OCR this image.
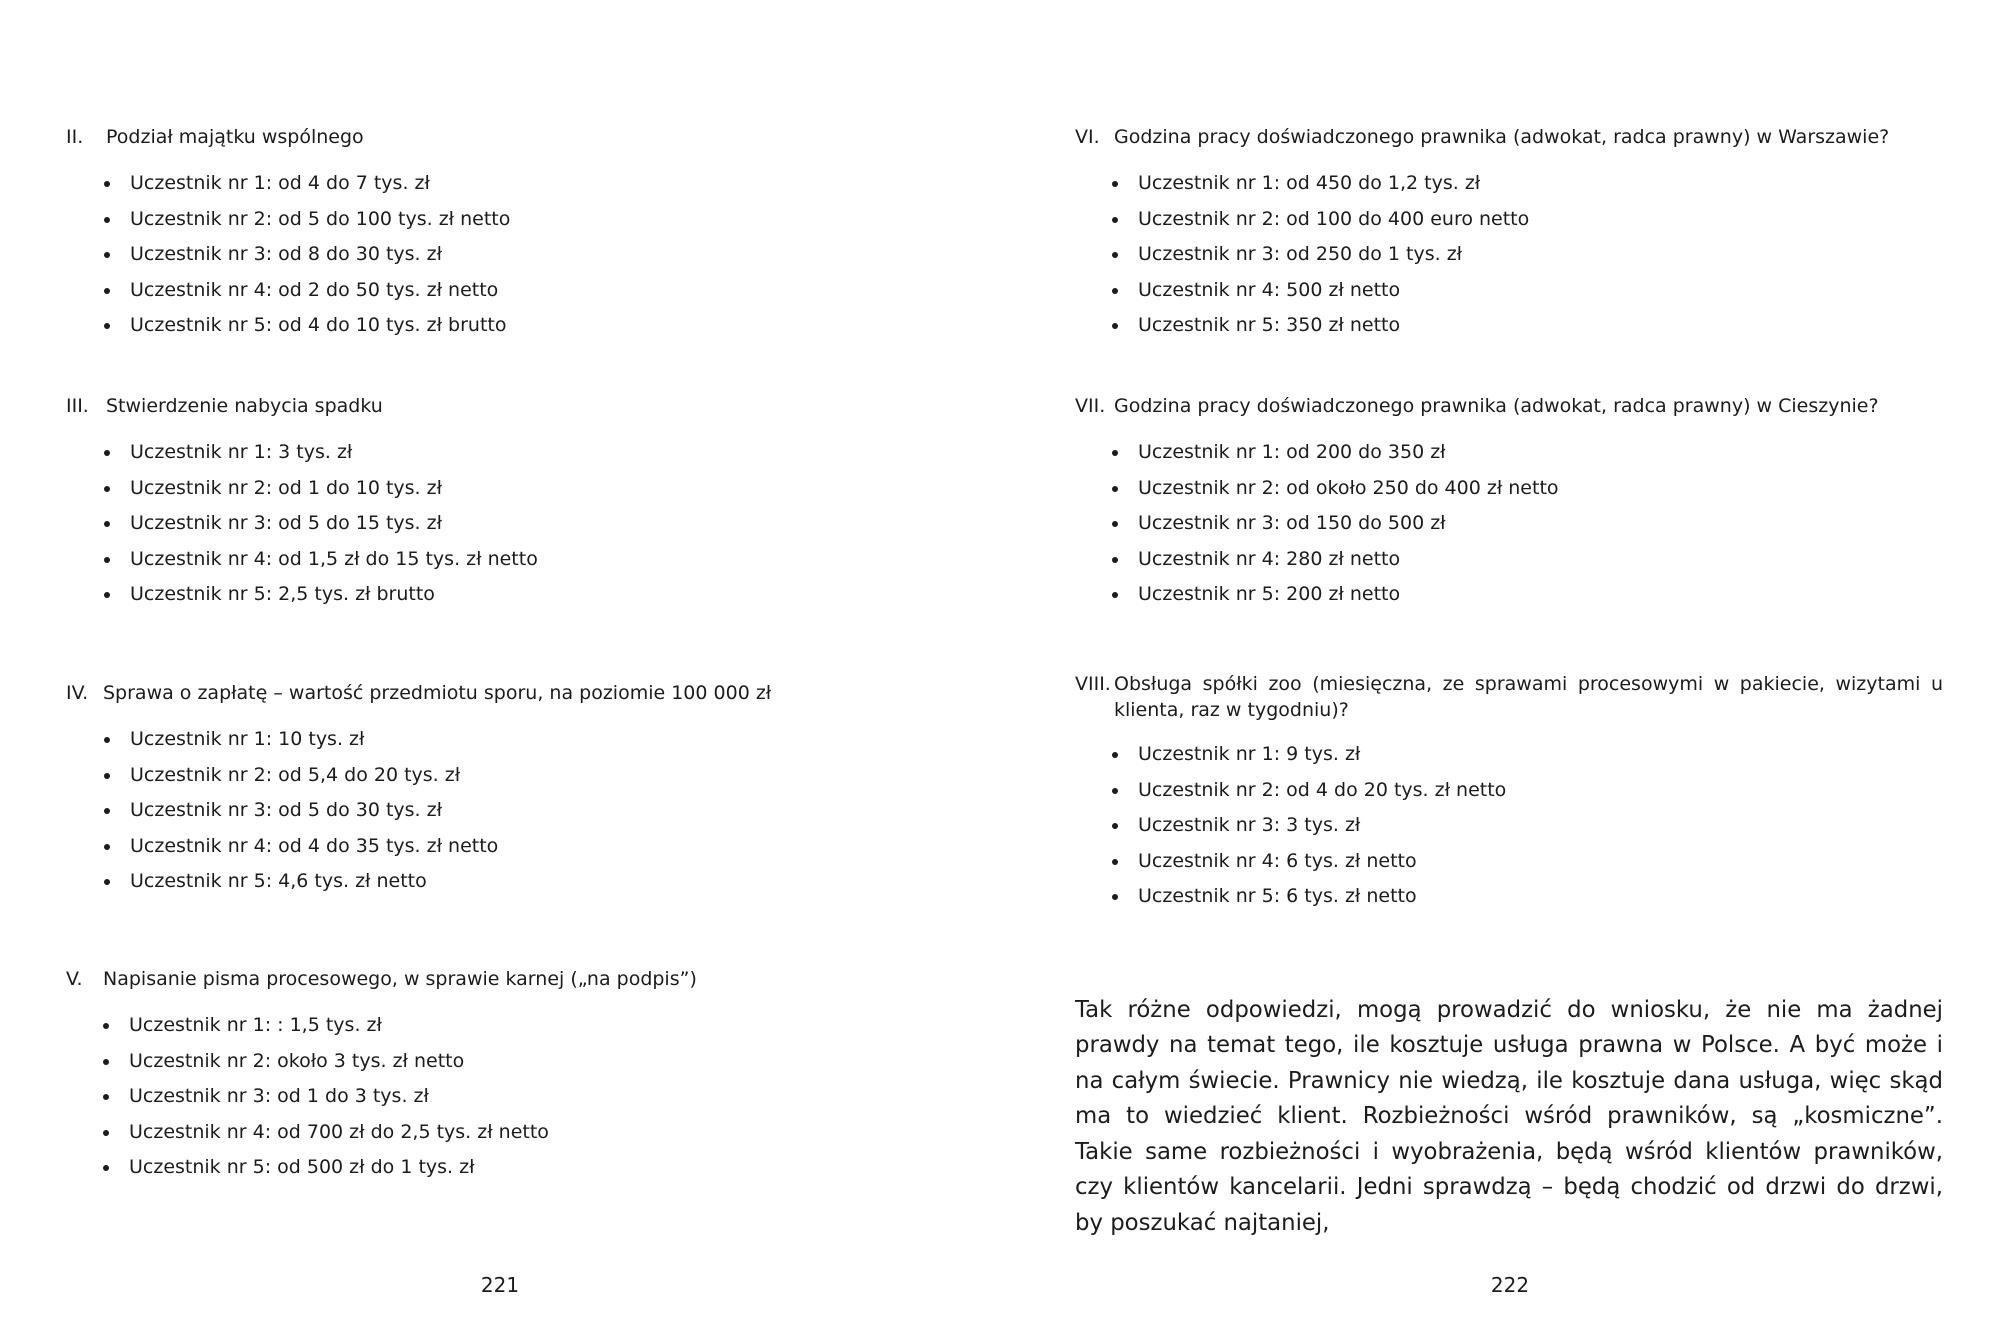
II.	Podział majątku wspólnego
Uczestnik nr 1: od 4 do 7 tys. zł
Uczestnik nr 2: od 5 do 100 tys. zł netto
Uczestnik nr 3: od 8 do 30 tys. zł
Uczestnik nr 4: od 2 do 50 tys. zł netto
Uczestnik nr 5: od 4 do 10 tys. zł brutto
III. Stwierdzenie nabycia spadku
Uczestnik nr 1: 3 tys. zł
Uczestnik nr 2: od 1 do 10 tys. zł
Uczestnik nr 3: od 5 do 15 tys. zł
Uczestnik nr 4: od 1,5 zł do 15 tys. zł netto
Uczestnik nr 5: 2,5 tys. zł brutto
IV. Sprawa o zapłatę – wartość przedmiotu sporu, na poziomie 100 000 zł
Uczestnik nr 1: 10 tys. zł
Uczestnik nr 2: od 5,4 do 20 tys. zł
Uczestnik nr 3: od 5 do 30 tys. zł
Uczestnik nr 4: od 4 do 35 tys. zł netto
Uczestnik nr 5: 4,6 tys. zł netto
V.	Napisanie pisma procesowego, w sprawie karnej („na podpis”)
Uczestnik nr 1: : 1,5 tys. zł
Uczestnik nr 2: około 3 tys. zł netto
Uczestnik nr 3: od 1 do 3 tys. zł
Uczestnik nr 4: od 700 zł do 2,5 tys. zł netto
Uczestnik nr 5: od 500 zł do 1 tys. zł
221
VI. Godzina pracy doświadczonego prawnika (adwokat, radca prawny) w Warszawie?
Uczestnik nr 1: od 450 do 1,2 tys. zł
Uczestnik nr 2: od 100 do 400 euro netto
Uczestnik nr 3: od 250 do 1 tys. zł
Uczestnik nr 4: 500 zł netto
Uczestnik nr 5: 350 zł netto
VII. Godzina pracy doświadczonego prawnika (adwokat, radca prawny) w Cieszynie?
Uczestnik nr 1: od 200 do 350 zł
Uczestnik nr 2: od około 250 do 400 zł netto
Uczestnik nr 3: od 150 do 500 zł
Uczestnik nr 4: 280 zł netto
Uczestnik nr 5: 200 zł netto
VIII. Obsługa spółki zoo (miesięczna, ze sprawami procesowymi w pakiecie, wizytami u klienta, raz w tygodniu)?
Uczestnik nr 1: 9 tys. zł
Uczestnik nr 2: od 4 do 20 tys. zł netto
Uczestnik nr 3: 3 tys. zł
Uczestnik nr 4: 6 tys. zł netto
Uczestnik nr 5: 6 tys. zł netto

Tak różne odpowiedzi, mogą prowadzić do wniosku, że nie ma żadnej prawdy na temat tego, ile kosztuje usługa prawna w Polsce. A być może i na całym świecie. Prawnicy nie wiedzą, ile kosztuje dana usługa, więc skąd ma to wiedzieć klient. Rozbieżności wśród prawników, są „kosmiczne”. Takie same rozbieżności i wyobrażenia, będą wśród klientów prawników, czy klientów kancelarii. Jedni sprawdzą – będą chodzić od drzwi do drzwi, by poszukać najtaniej,

222
